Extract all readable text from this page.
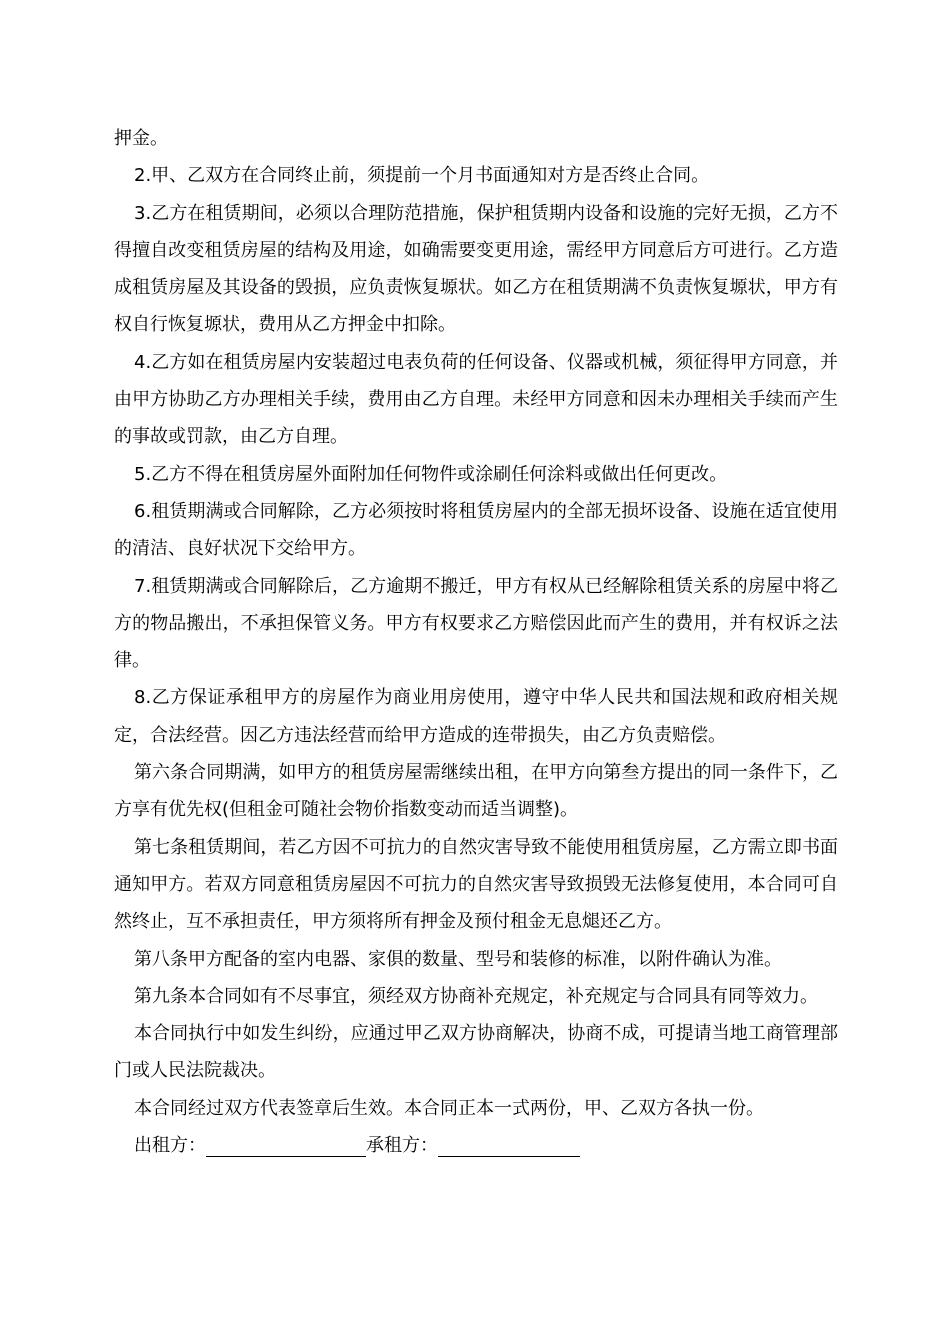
押金。

2.甲、乙双方在合同终止前，须提前一个月书面通知对方是否终止合同。

3.乙方在租赁期间，必须以合理防范措施，保护租赁期内设备和设施的完好无损，乙方不得擅自改变租赁房屋的结构及用途，如确需要变更用途，需经甲方同意后方可进行。乙方造成租赁房屋及其设备的毁损，应负责恢复塬状。如乙方在租赁期满不负责恢复塬状，甲方有权自行恢复塬状，费用从乙方押金中扣除。

4.乙方如在租赁房屋内安装超过电表负荷的任何设备、仪器或机械，须征得甲方同意，并由甲方协助乙方办理相关手续，费用由乙方自理。未经甲方同意和因未办理相关手续而产生的事故或罚款，由乙方自理。

5.乙方不得在租赁房屋外面附加任何物件或涂刷任何涂料或做出任何更改。

6.租赁期满或合同解除，乙方必须按时将租赁房屋内的全部无损坏设备、设施在适宜使用的清洁、良好状况下交给甲方。

7.租赁期满或合同解除后，乙方逾期不搬迁，甲方有权从已经解除租赁关系的房屋中将乙方的物品搬出，不承担保管义务。甲方有权要求乙方赔偿因此而产生的费用，并有权诉之法律。

8.乙方保证承租甲方的房屋作为商业用房使用，遵守中华人民共和国法规和政府相关规定，合法经营。因乙方违法经营而给甲方造成的连带损失，由乙方负责赔偿。

第六条合同期满，如甲方的租赁房屋需继续出租，在甲方向第叁方提出的同一条件下，乙方享有优先权(但租金可随社会物价指数变动而适当调整)。

第七条租赁期间，若乙方因不可抗力的自然灾害导致不能使用租赁房屋，乙方需立即书面通知甲方。若双方同意租赁房屋因不可抗力的自然灾害导致损毁无法修复使用，本合同可自然终止，互不承担责任，甲方须将所有押金及预付租金无息煺还乙方。

第八条甲方配备的室内电器、家俱的数量、型号和装修的标准，以附件确认为准。

第九条本合同如有不尽事宜，须经双方协商补充规定，补充规定与合同具有同等效力。

本合同执行中如发生纠纷，应通过甲乙双方协商解决，协商不成，可提请当地工商管理部门或人民法院裁决。

本合同经过双方代表签章后生效。本合同正本一式两份，甲、乙双方各执一份。

出租方：	承租方：
